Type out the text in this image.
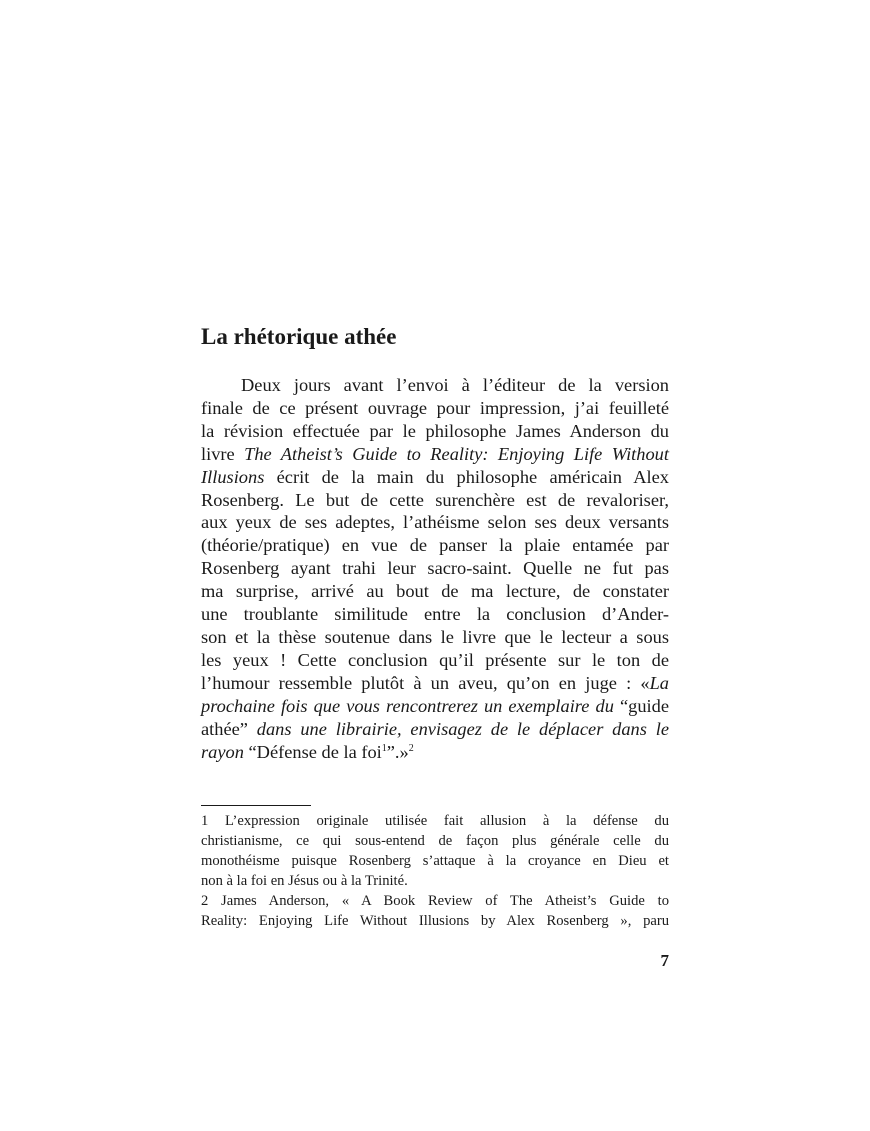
La rhétorique athée
Deux jours avant l’envoi à l’éditeur de la version
finale de ce présent ouvrage pour impression, j’ai feuilleté
la révision effectuée par le philosophe James Anderson du
livre The Atheist’s Guide to Reality: Enjoying Life Without
Illusions écrit de la main du philosophe américain Alex
Rosenberg. Le but de cette surenchère est de revaloriser,
aux yeux de ses adeptes, l’athéisme selon ses deux versants
(théorie/pratique) en vue de panser la plaie entamée par
Rosenberg ayant trahi leur sacro-saint. Quelle ne fut pas
ma surprise, arrivé au bout de ma lecture, de constater
une troublante similitude entre la conclusion d’Ander-
son et la thèse soutenue dans le livre que le lecteur a sous
les yeux ! Cette conclusion qu’il présente sur le ton de
l’humour ressemble plutôt à un aveu, qu’on en juge : «La
prochaine fois que vous rencontrerez un exemplaire du “guide
athée” dans une librairie, envisagez de le déplacer dans le
rayon “Défense de la foi$^1$”.»$^2$
1 L’expression originale utilisée fait allusion à la défense du
christianisme, ce qui sous-entend de façon plus générale celle du
monothéisme puisque Rosenberg s’attaque à la croyance en Dieu et
non à la foi en Jésus ou à la Trinité.
2 James Anderson, « A Book Review of The Atheist’s Guide to
Reality: Enjoying Life Without Illusions by Alex Rosenberg », paru
7
